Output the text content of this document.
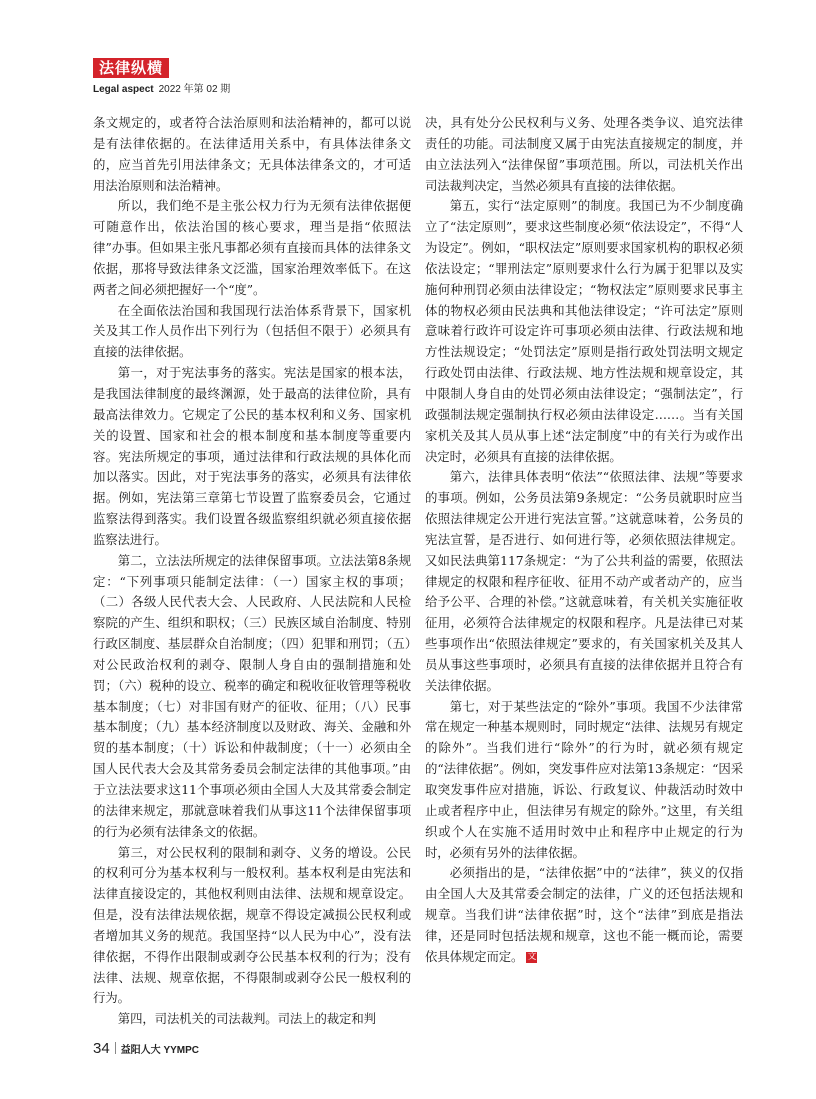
法律纵横
Legal aspect 2022 年第 02 期

条文规定的，或者符合法治原则和法治精神的，都可以说是有法律依据的。在法律适用关系中，有具体法律条文的，应当首先引用法律条文；无具体法律条文的，才可适用法治原则和法治精神。

所以，我们绝不是主张公权力行为无须有法律依据便可随意作出，依法治国的核心要求，理当是指“依照法律”办事。但如果主张凡事都必须有直接而具体的法律条文依据，那将导致法律条文泛滥，国家治理效率低下。在这两者之间必须把握好一个“度”。

在全面依法治国和我国现行法治体系背景下，国家机关及其工作人员作出下列行为（包括但不限于）必须具有直接的法律依据。

第一，对于宪法事务的落实。宪法是国家的根本法，是我国法律制度的最终渊源，处于最高的法律位阶，具有最高法律效力。它规定了公民的基本权利和义务、国家机关的设置、国家和社会的根本制度和基本制度等重要内容。宪法所规定的事项，通过法律和行政法规的具体化而加以落实。因此，对于宪法事务的落实，必须具有法律依据。例如，宪法第三章第七节设置了监察委员会，它通过监察法得到落实。我们设置各级监察组织就必须直接依据监察法进行。

第二，立法法所规定的法律保留事项。立法法第8条规定：“下列事项只能制定法律：（一）国家主权的事项；（二）各级人民代表大会、人民政府、人民法院和人民检察院的产生、组织和职权；（三）民族区域自治制度、特别行政区制度、基层群众自治制度；（四）犯罪和刑罚；（五）对公民政治权利的剥夺、限制人身自由的强制措施和处罚；（六）税种的设立、税率的确定和税收征收管理等税收基本制度；（七）对非国有财产的征收、征用；（八）民事基本制度；（九）基本经济制度以及财政、海关、金融和外贸的基本制度；（十）诉讼和仲裁制度；（十一）必须由全国人民代表大会及其常务委员会制定法律的其他事项。”由于立法法要求这11个事项必须由全国人大及其常委会制定的法律来规定，那就意味着我们从事这11个法律保留事项的行为必须有法律条文的依据。

第三，对公民权利的限制和剥夺、义务的增设。公民的权利可分为基本权利与一般权利。基本权利是由宪法和法律直接设定的，其他权利则由法律、法规和规章设定。但是，没有法律法规依据，规章不得设定减损公民权利或者增加其义务的规范。我国坚持“以人民为中心”，没有法律依据，不得作出限制或剥夺公民基本权利的行为；没有法律、法规、规章依据，不得限制或剥夺公民一般权利的行为。

第四，司法机关的司法裁判。司法上的裁定和判

决，具有处分公民权利与义务、处理各类争议、追究法律责任的功能。司法制度又属于由宪法直接规定的制度，并由立法法列入“法律保留”事项范围。所以，司法机关作出司法裁判决定，当然必须具有直接的法律依据。

第五，实行“法定原则”的制度。我国已为不少制度确立了“法定原则”，要求这些制度必须“依法设定”，不得“人为设定”。例如，“职权法定”原则要求国家机构的职权必须依法设定；“罪刑法定”原则要求什么行为属于犯罪以及实施何种刑罚必须由法律设定；“物权法定”原则要求民事主体的物权必须由民法典和其他法律设定；“许可法定”原则意味着行政许可设定许可事项必须由法律、行政法规和地方性法规设定；“处罚法定”原则是指行政处罚法明文规定行政处罚由法律、行政法规、地方性法规和规章设定，其中限制人身自由的处罚必须由法律设定；“强制法定”，行政强制法规定强制执行权必须由法律设定……。当有关国家机关及其人员从事上述“法定制度”中的有关行为或作出决定时，必须具有直接的法律依据。

第六，法律具体表明“依法”“依照法律、法规”等要求的事项。例如，公务员法第9条规定：“公务员就职时应当依照法律规定公开进行宪法宣誓。”这就意味着，公务员的宪法宣誓，是否进行、如何进行等，必须依照法律规定。又如民法典第117条规定：“为了公共利益的需要，依照法律规定的权限和程序征收、征用不动产或者动产的，应当给予公平、合理的补偿。”这就意味着，有关机关实施征收征用，必须符合法律规定的权限和程序。凡是法律已对某些事项作出“依照法律规定”要求的，有关国家机关及其人员从事这些事项时，必须具有直接的法律依据并且符合有关法律依据。

第七，对于某些法定的“除外”事项。我国不少法律常常在规定一种基本规则时，同时规定“法律、法规另有规定的除外”。当我们进行“除外”的行为时，就必须有规定的“法律依据”。例如，突发事件应对法第13条规定：“因采取突发事件应对措施，诉讼、行政复议、仲裁活动时效中止或者程序中止，但法律另有规定的除外。”这里，有关组织或个人在实施不适用时效中止和程序中止规定的行为时，必须有另外的法律依据。

必须指出的是，“法律依据”中的“法律”，狭义的仅指由全国人大及其常委会制定的法律，广义的还包括法规和规章。当我们讲“法律依据”时，这个“法律”到底是指法律，还是同时包括法规和规章，这也不能一概而论，需要依具体规定而定。 文

34 益阳人大 YYMPC
